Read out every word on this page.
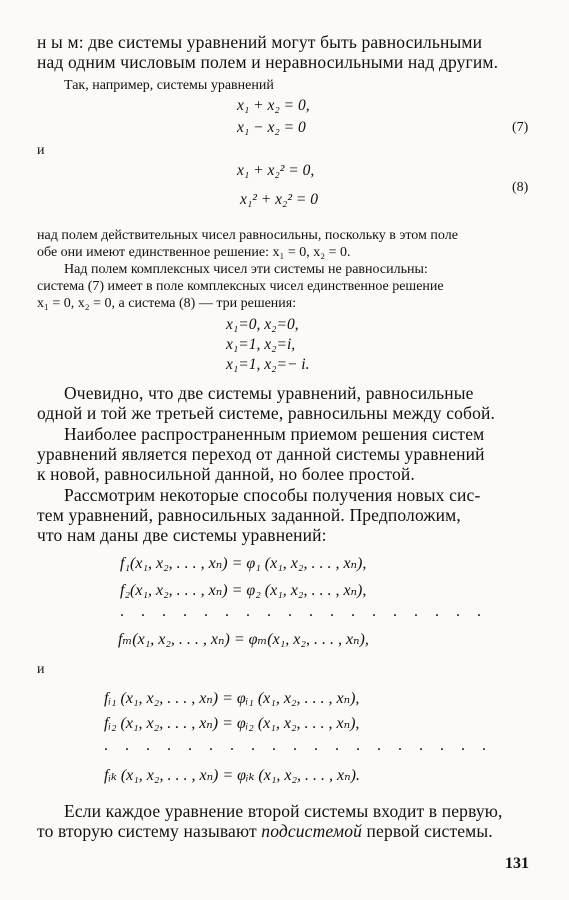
н ы м: две системы уравнений могут быть равносильными
над одним числовым полем и неравносильными над другим.
Так, например, системы уравнений
x₁ + x₂ = 0,
x₁ − x₂ = 0	(7)
и
x₁ + x₂² = 0,
x₁² + x₂² = 0
(8)
над полем действительных чисел равносильны, поскольку в этом поле
обе они имеют единственное решение: x₁ = 0, x₂ = 0.
Над полем комплексных чисел эти системы не равносильны:
система (7) имеет в поле комплексных чисел единственное решение
x₁ = 0, x₂ = 0, а система (8) — три решения:
x₁=0, x₂=0,
x₁=1, x₂=i,
x₁=1, x₂=− i.
Очевидно, что две системы уравнений, равносильные
одной и той же третьей системе, равносильны между собой.
Наиболее распространенным приемом решения систем
уравнений является переход от данной системы уравнений
к новой, равносильной данной, но более простой.
Рассмотрим некоторые способы получения новых сис-
тем уравнений, равносильных заданной. Предположим,
что нам даны две системы уравнений:
f₁(x₁, x₂, . . . , xₙ) = φ₁ (x₁, x₂, . . . , xₙ),
f₂(x₁, x₂, . . . , xₙ) = φ₂ (x₁, x₂, . . . , xₙ),
. . . . . . . . . . . . . . . . . .
fₘ(x₁, x₂, . . . , xₙ) = φₘ(x₁, x₂, . . . , xₙ),
и
fᵢ₁ (x₁, x₂, . . . , xₙ) = φᵢ₁ (x₁, x₂, . . . , xₙ),
fᵢ₂ (x₁, x₂, . . . , xₙ) = φᵢ₂ (x₁, x₂, . . . , xₙ),
. . . . . . . . . . . . . . . . . . .
fᵢₖ (x₁, x₂, . . . , xₙ) = φᵢₖ (x₁, x₂, . . . , xₙ).
Если каждое уравнение второй системы входит в первую,
то вторую систему называют подсистемой первой системы.
131
